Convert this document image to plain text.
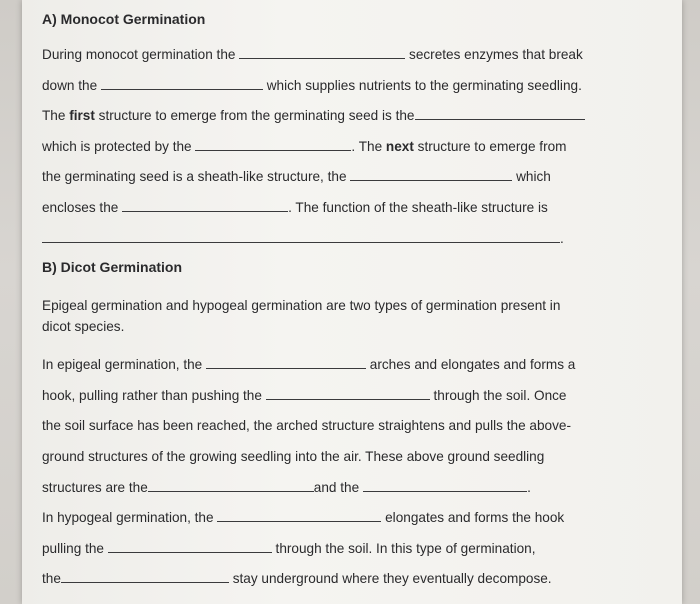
A) Monocot Germination
During monocot germination the	secretes enzymes that break
down the	which supplies nutrients to the germinating seedling.
The first structure to emerge from the germinating seed is the
which is protected by the	. The next structure to emerge from
the germinating seed is a sheath-like structure, the	which
encloses the	. The function of the sheath-like structure is
.
B) Dicot Germination
Epigeal germination and hypogeal germination are two types of germination present in
dicot species.
In epigeal germination, the	arches and elongates and forms a
hook, pulling rather than pushing the	through the soil. Once
the soil surface has been reached, the arched structure straightens and pulls the above-
ground structures of the growing seedling into the air. These above ground seedling
structures are the	and the	.
In hypogeal germination, the	elongates and forms the hook
pulling the	through the soil. In this type of germination,
the	stay underground where they eventually decompose.
